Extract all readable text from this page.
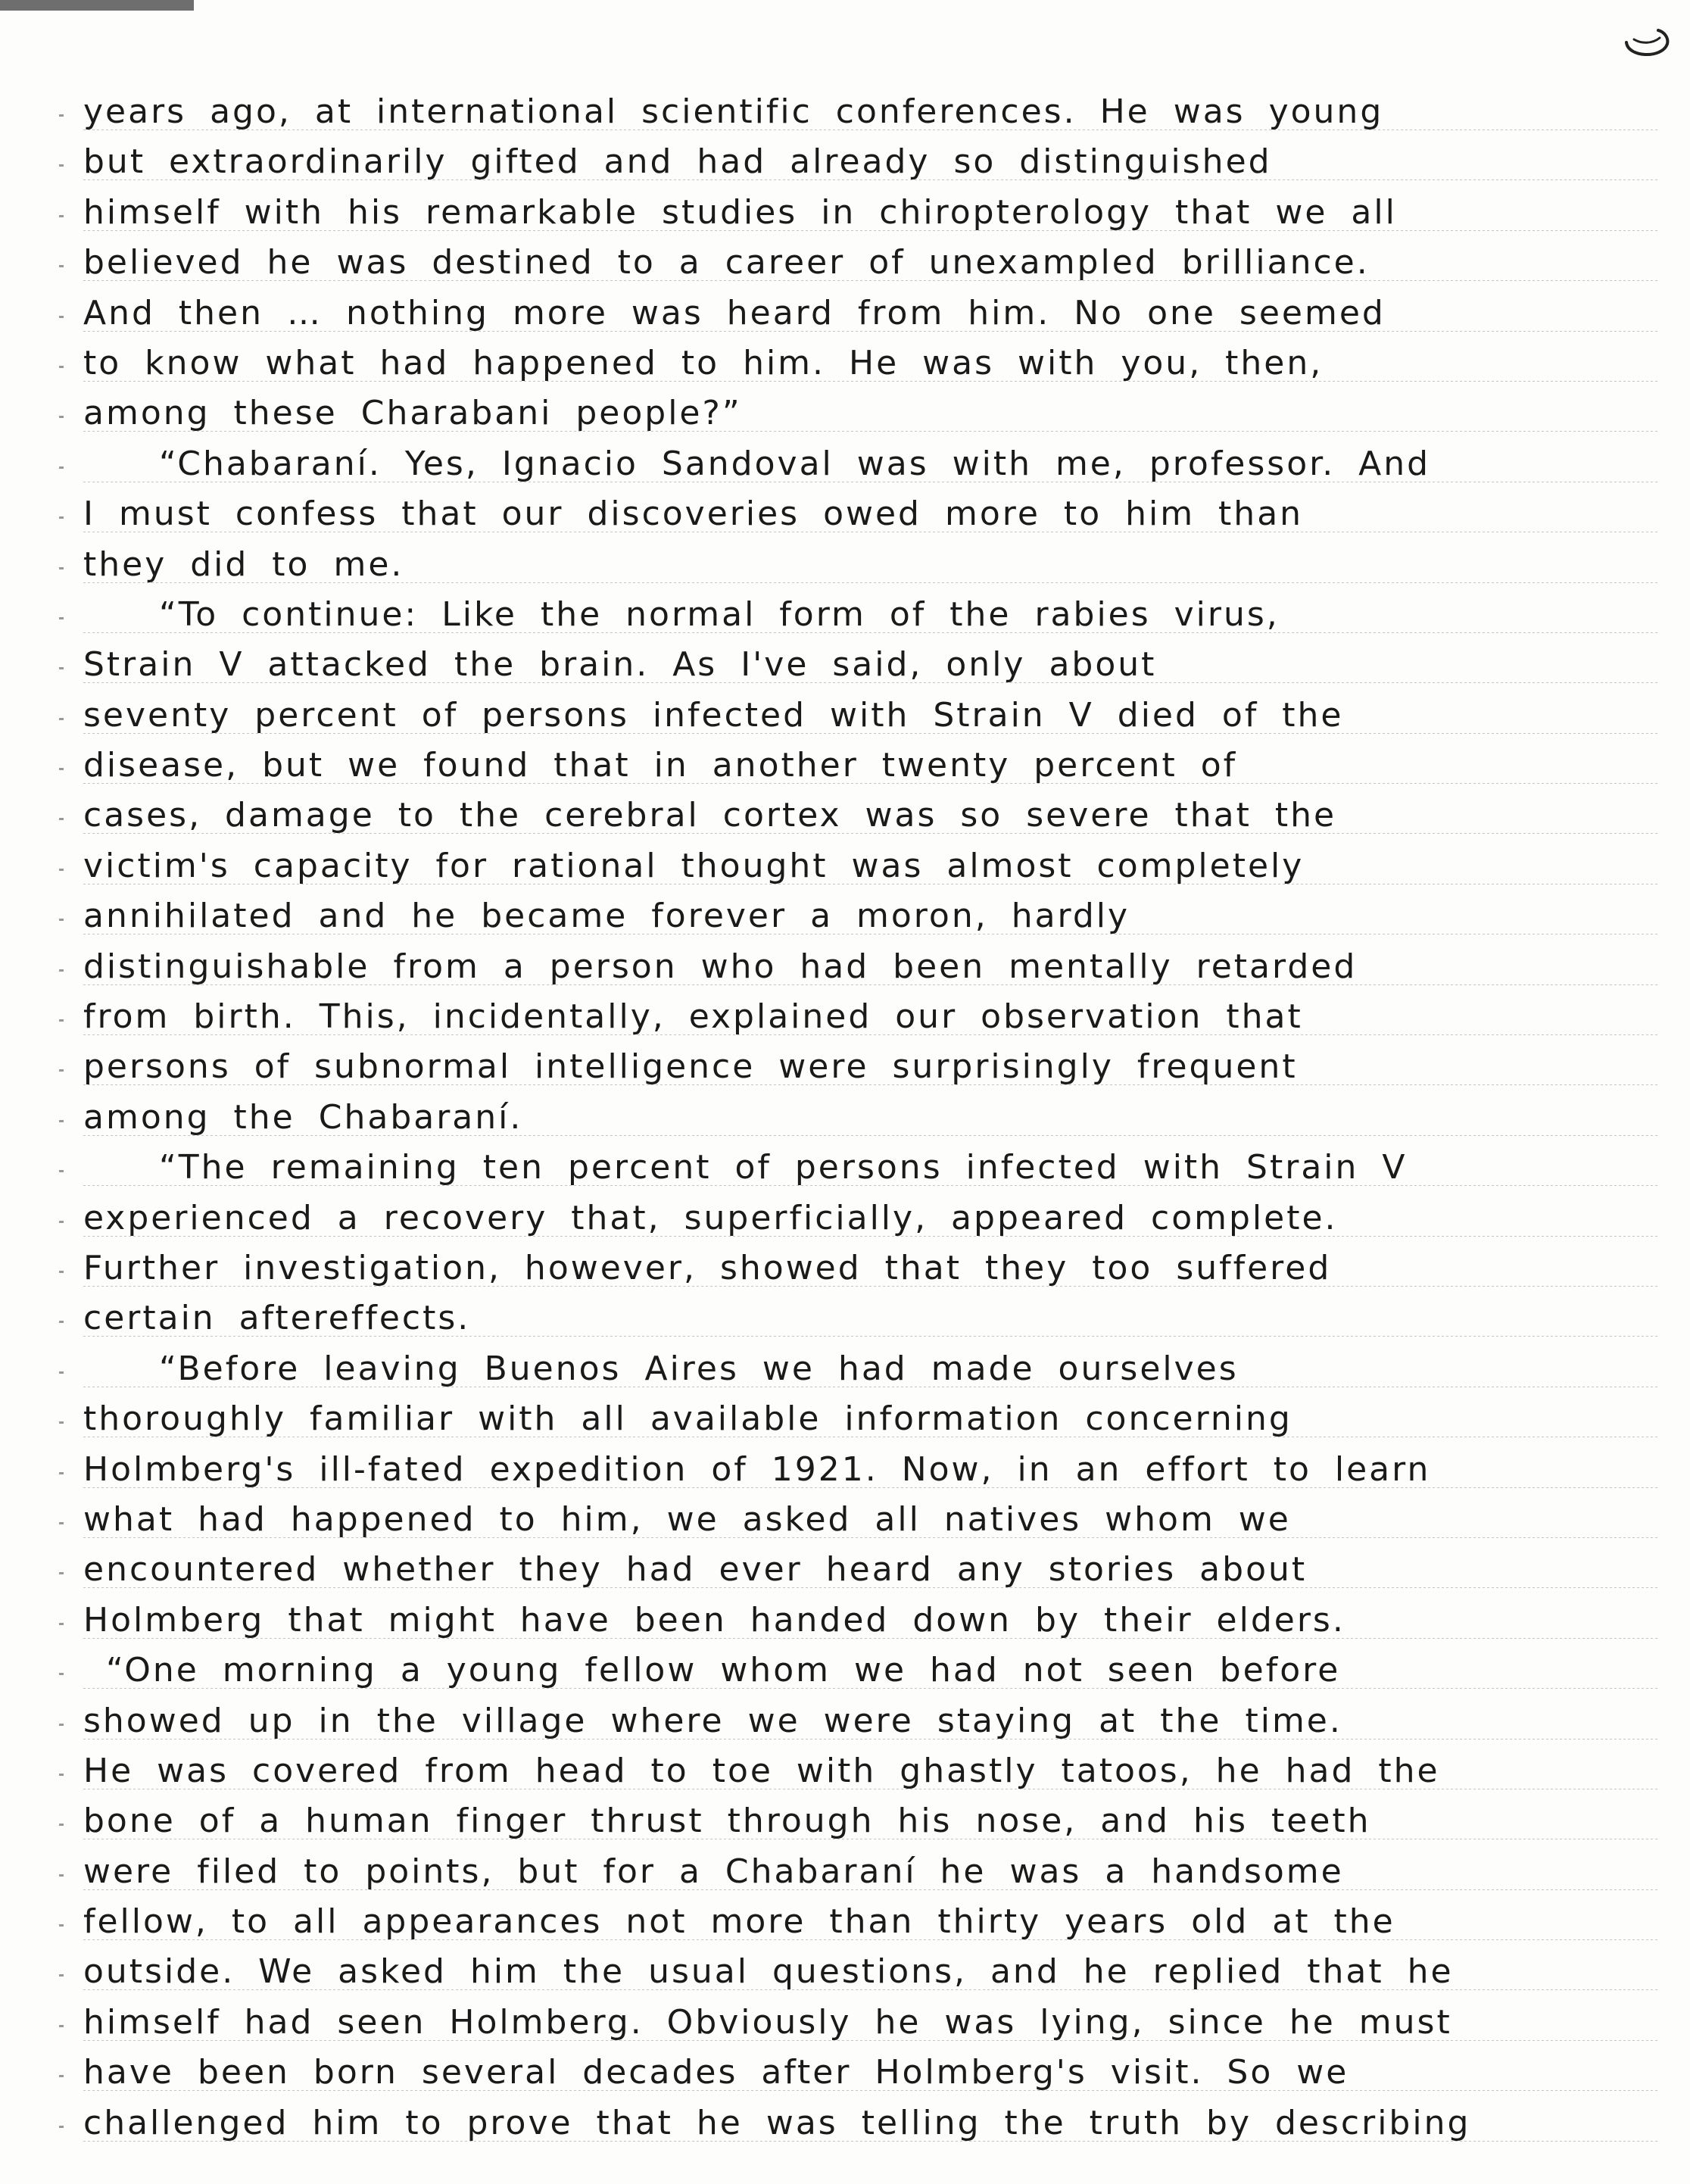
years ago, at international scientific conferences. He was young
but extraordinarily gifted and had already so distinguished
himself with his remarkable studies in chiropterology that we all
believed he was destined to a career of unexampled brilliance.
And then … nothing more was heard from him. No one seemed
to know what had happened to him. He was with you, then,
among these Charabani people?”
“Chabaraní. Yes, Ignacio Sandoval was with me, professor. And
I must confess that our discoveries owed more to him than
they did to me.
“To continue: Like the normal form of the rabies virus,
Strain V attacked the brain. As I've said, only about
seventy percent of persons infected with Strain V died of the
disease, but we found that in another twenty percent of
cases, damage to the cerebral cortex was so severe that the
victim's capacity for rational thought was almost completely
annihilated and he became forever a moron, hardly
distinguishable from a person who had been mentally retarded
from birth. This, incidentally, explained our observation that
persons of subnormal intelligence were surprisingly frequent
among the Chabaraní.
“The remaining ten percent of persons infected with Strain V
experienced a recovery that, superficially, appeared complete.
Further investigation, however, showed that they too suffered
certain aftereffects.
“Before leaving Buenos Aires we had made ourselves
thoroughly familiar with all available information concerning
Holmberg's ill-fated expedition of 1921. Now, in an effort to learn
what had happened to him, we asked all natives whom we
encountered whether they had ever heard any stories about
Holmberg that might have been handed down by their elders.
“One morning a young fellow whom we had not seen before
showed up in the village where we were staying at the time.
He was covered from head to toe with ghastly tatoos, he had the
bone of a human finger thrust through his nose, and his teeth
were filed to points, but for a Chabaraní he was a handsome
fellow, to all appearances not more than thirty years old at the
outside. We asked him the usual questions, and he replied that he
himself had seen Holmberg. Obviously he was lying, since he must
have been born several decades after Holmberg's visit. So we
challenged him to prove that he was telling the truth by describing
